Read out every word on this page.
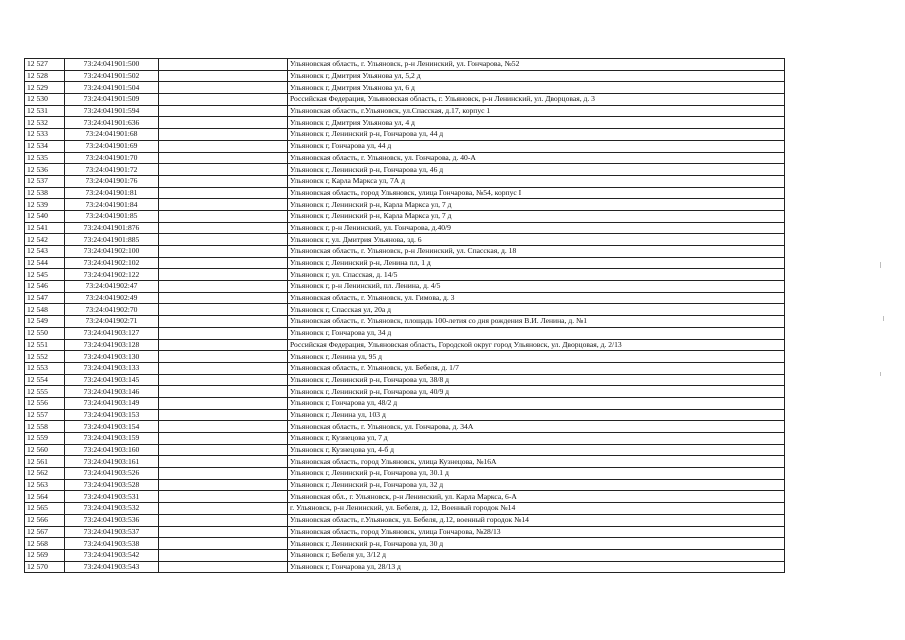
12 527	73:24:041901:500		Ульяновская область, г. Ульяновск, р-н Ленинский, ул. Гончарова, №52
12 528	73:24:041901:502		Ульяновск г, Дмитрия Ульянова ул, 5,2 д
12 529	73:24:041901:504		Ульяновск г, Дмитрия Ульянова ул, 6 д
12 530	73:24:041901:509		Российская Федерация, Ульяновская область, г. Ульяновск, р-н Ленинский, ул. Дворцовая, д. 3
12 531	73:24:041901:594		Ульяновская область, г.Ульяновск, ул.Спасская, д.17, корпус 1
12 532	73:24:041901:636		Ульяновск г, Дмитрия Ульянова ул, 4 д
12 533	73:24:041901:68		Ульяновск г, Ленинский р-н, Гончарова ул, 44 д
12 534	73:24:041901:69		Ульяновск г, Гончарова ул, 44 д
12 535	73:24:041901:70		Ульяновская область, г. Ульяновск, ул. Гончарова, д. 40-А
12 536	73:24:041901:72		Ульяновск г, Ленинский р-н, Гончарова ул, 46 д
12 537	73:24:041901:76		Ульяновск г, Карла Маркса ул, 7А д
12 538	73:24:041901:81		Ульяновская область, город Ульяновск, улица Гончарова, №54, корпус I
12 539	73:24:041901:84		Ульяновск г, Ленинский р-н, Карла Маркса ул, 7 д
12 540	73:24:041901:85		Ульяновск г, Ленинский р-н, Карла Маркса ул, 7 д
12 541	73:24:041901:876		Ульяновск г, р-н Ленинский, ул. Гончарова, д.40/9
12 542	73:24:041901:885		Ульяновск г, ул. Дмитрия Ульянова, зд. 6
12 543	73:24:041902:100		Ульяновская область, г. Ульяновск, р-н Ленинский, ул. Спасская, д. 18
12 544	73:24:041902:102		Ульяновск г, Ленинский р-н, Ленина пл, 1 д
12 545	73:24:041902:122		Ульяновск г, ул. Спасская, д. 14/5
12 546	73:24:041902:47		Ульяновск г, р-н Ленинский, пл. Ленина, д. 4/5
12 547	73:24:041902:49		Ульяновская область, г. Ульяновск, ул. Гимова, д. 3
12 548	73:24:041902:70		Ульяновск г, Спасская ул, 20а д
12 549	73:24:041902:71		Ульяновская область, г. Ульяновск, площадь 100-летия со дня рождения В.И. Ленина, д. №1
12 550	73:24:041903:127		Ульяновск г, Гончарова ул, 34 д
12 551	73:24:041903:128		Российская Федерация, Ульяновская область, Городской округ город Ульяновск, ул. Дворцовая, д. 2/13
12 552	73:24:041903:130		Ульяновск г, Ленина ул, 95 д
12 553	73:24:041903:133		Ульяновская область, г. Ульяновск, ул. Бебеля, д. 1/7
12 554	73:24:041903:145		Ульяновск г, Ленинский р-н, Гончарова ул, 38/8 д
12 555	73:24:041903:146		Ульяновск г, Ленинский р-н, Гончарова ул, 40/9 д
12 556	73:24:041903:149		Ульяновск г, Гончарова ул, 48/2 д
12 557	73:24:041903:153		Ульяновск г, Ленина ул, 103 д
12 558	73:24:041903:154		Ульяновская область, г. Ульяновск, ул. Гончарова, д. 34А
12 559	73:24:041903:159		Ульяновск г, Кузнецова ул, 7 д
12 560	73:24:041903:160		Ульяновск г, Кузнецова ул, 4-б д
12 561	73:24:041903:161		Ульяновская область, город Ульяновск, улица Кузнецова, №16А
12 562	73:24:041903:526		Ульяновск г, Ленинский р-н, Гончарова ул, 30.1 д
12 563	73:24:041903:528		Ульяновск г, Ленинский р-н, Гончарова ул, 32 д
12 564	73:24:041903:531		Ульяновская обл., г. Ульяновск, р-н Ленинский, ул. Карла Маркса, 6-А
12 565	73:24:041903:532		г. Ульяновск, р-н Ленинский, ул. Бебеля, д. 12, Военный городок №14
12 566	73:24:041903:536		Ульяновская область, г.Ульяновск, ул. Бебеля, д.12, военный городок №14
12 567	73:24:041903:537		Ульяновская область, город Ульяновск, улица Гончарова, №28/13
12 568	73:24:041903:538		Ульяновск г, Ленинский р-н, Гончарова ул, 30 д
12 569	73:24:041903:542		Ульяновск г, Бебеля ул, 3/12 д
12 570	73:24:041903:543		Ульяновск г, Гончарова ул, 28/13 д
